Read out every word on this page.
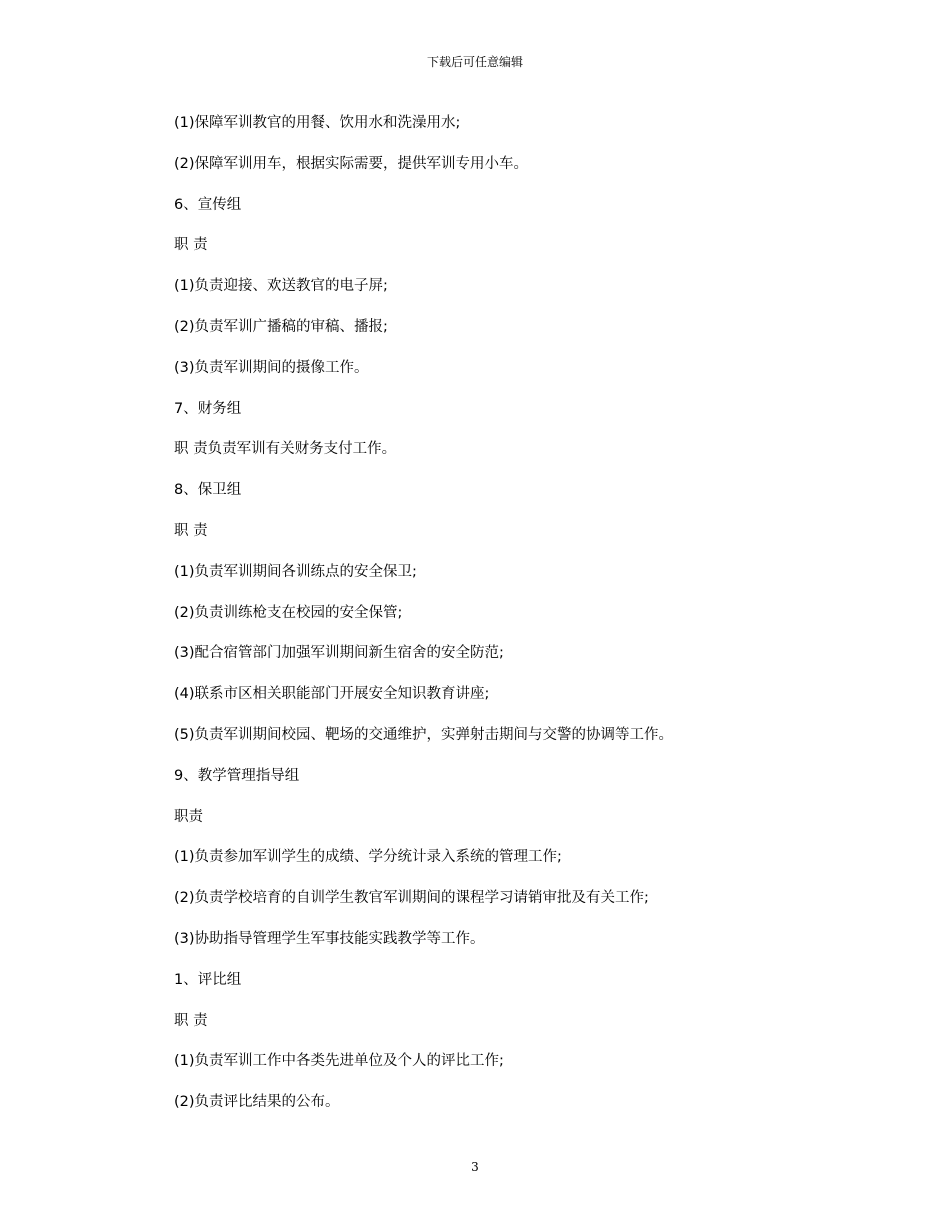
下载后可任意编辑
(1)保障军训教官的用餐、饮用水和洗澡用水;
(2)保障军训用车，根据实际需要，提供军训专用小车。
6、宣传组
职 责
(1)负责迎接、欢送教官的电子屏;
(2)负责军训广播稿的审稿、播报;
(3)负责军训期间的摄像工作。
7、财务组
职 责负责军训有关财务支付工作。
8、保卫组
职 责
(1)负责军训期间各训练点的安全保卫;
(2)负责训练枪支在校园的安全保管;
(3)配合宿管部门加强军训期间新生宿舍的安全防范;
(4)联系市区相关职能部门开展安全知识教育讲座;
(5)负责军训期间校园、靶场的交通维护，实弹射击期间与交警的协调等工作。
9、教学管理指导组
职责
(1)负责参加军训学生的成绩、学分统计录入系统的管理工作;
(2)负责学校培育的自训学生教官军训期间的课程学习请销审批及有关工作;
(3)协助指导管理学生军事技能实践教学等工作。
1、评比组
职 责
(1)负责军训工作中各类先进单位及个人的评比工作;
(2)负责评比结果的公布。
3
